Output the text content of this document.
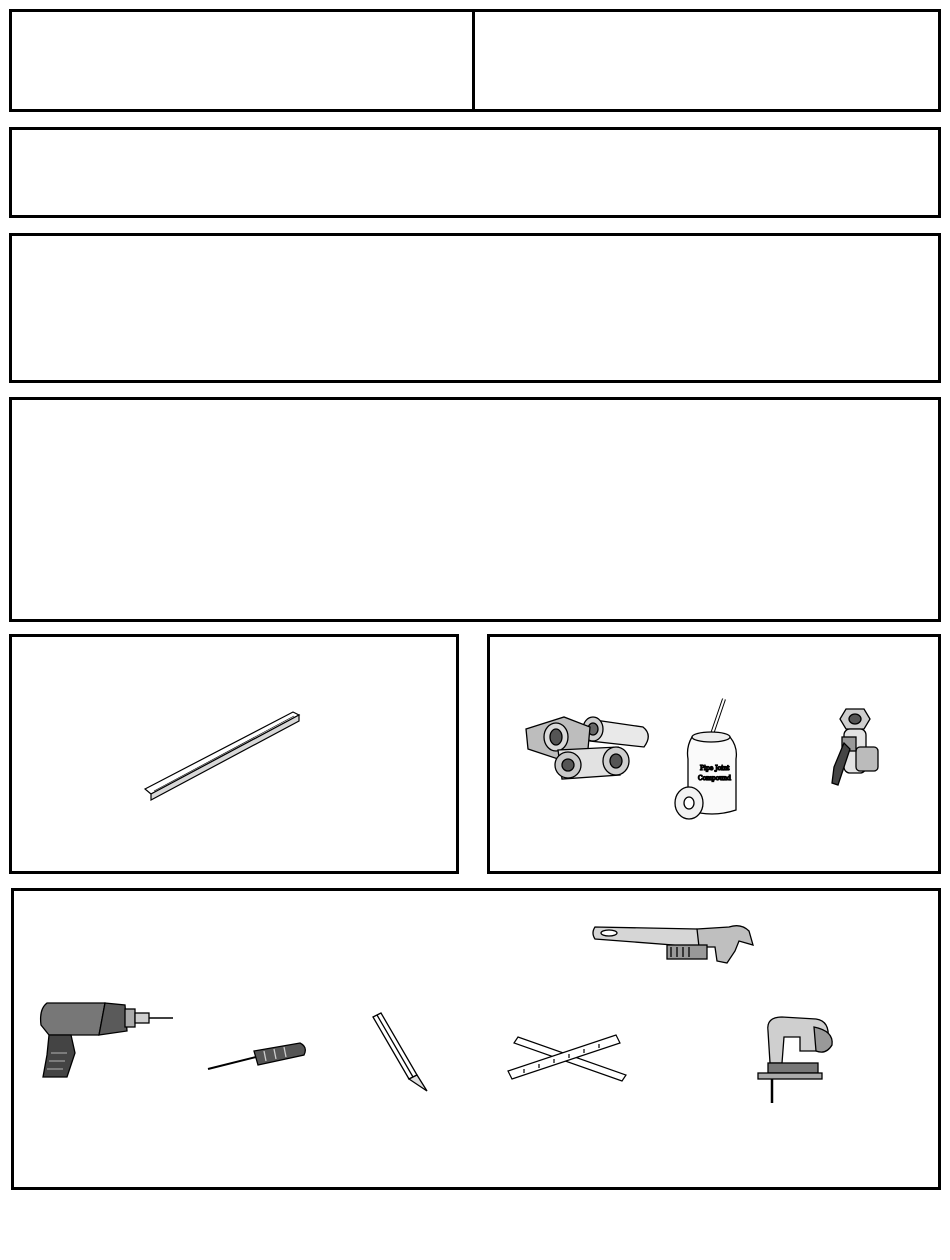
Pipe Joint
Compound
